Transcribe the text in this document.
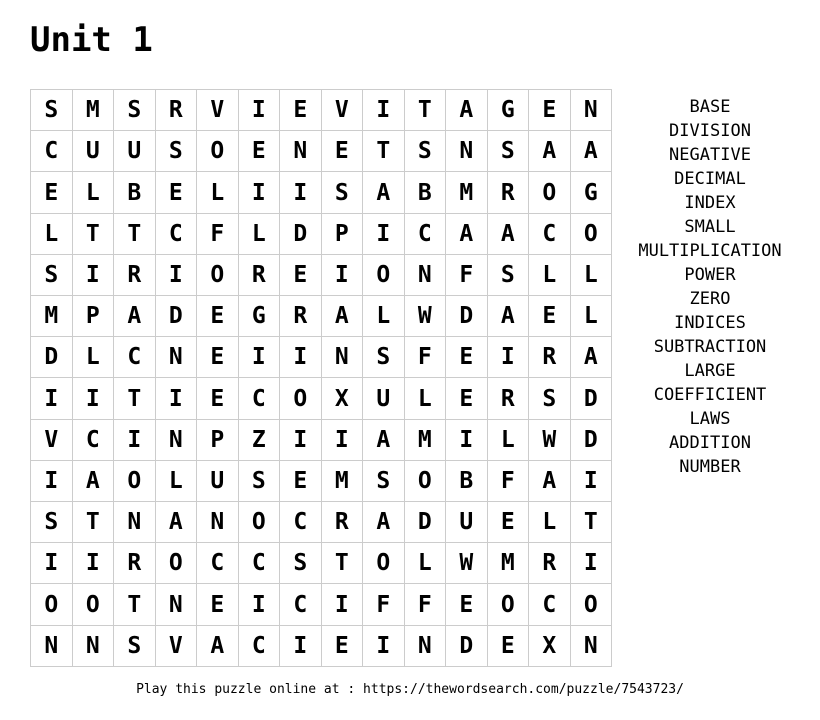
Unit 1
S	M	S	R	V	I	E	V	I	T	A	G	E	N
C	U	U	S	O	E	N	E	T	S	N	S	A	A
E	L	B	E	L	I	I	S	A	B	M	R	O	G
L	T	T	C	F	L	D	P	I	C	A	A	C	O
S	I	R	I	O	R	E	I	O	N	F	S	L	L
M	P	A	D	E	G	R	A	L	W	D	A	E	L
D	L	C	N	E	I	I	N	S	F	E	I	R	A
I	I	T	I	E	C	O	X	U	L	E	R	S	D
V	C	I	N	P	Z	I	I	A	M	I	L	W	D
I	A	O	L	U	S	E	M	S	O	B	F	A	I
S	T	N	A	N	O	C	R	A	D	U	E	L	T
I	I	R	O	C	C	S	T	O	L	W	M	R	I
O	O	T	N	E	I	C	I	F	F	E	O	C	O
N	N	S	V	A	C	I	E	I	N	D	E	X	N
BASE
DIVISION
NEGATIVE
DECIMAL
INDEX
SMALL
MULTIPLICATION
POWER
ZERO
INDICES
SUBTRACTION
LARGE
COEFFICIENT
LAWS
ADDITION
NUMBER
Play this puzzle online at : https://thewordsearch.com/puzzle/7543723/
